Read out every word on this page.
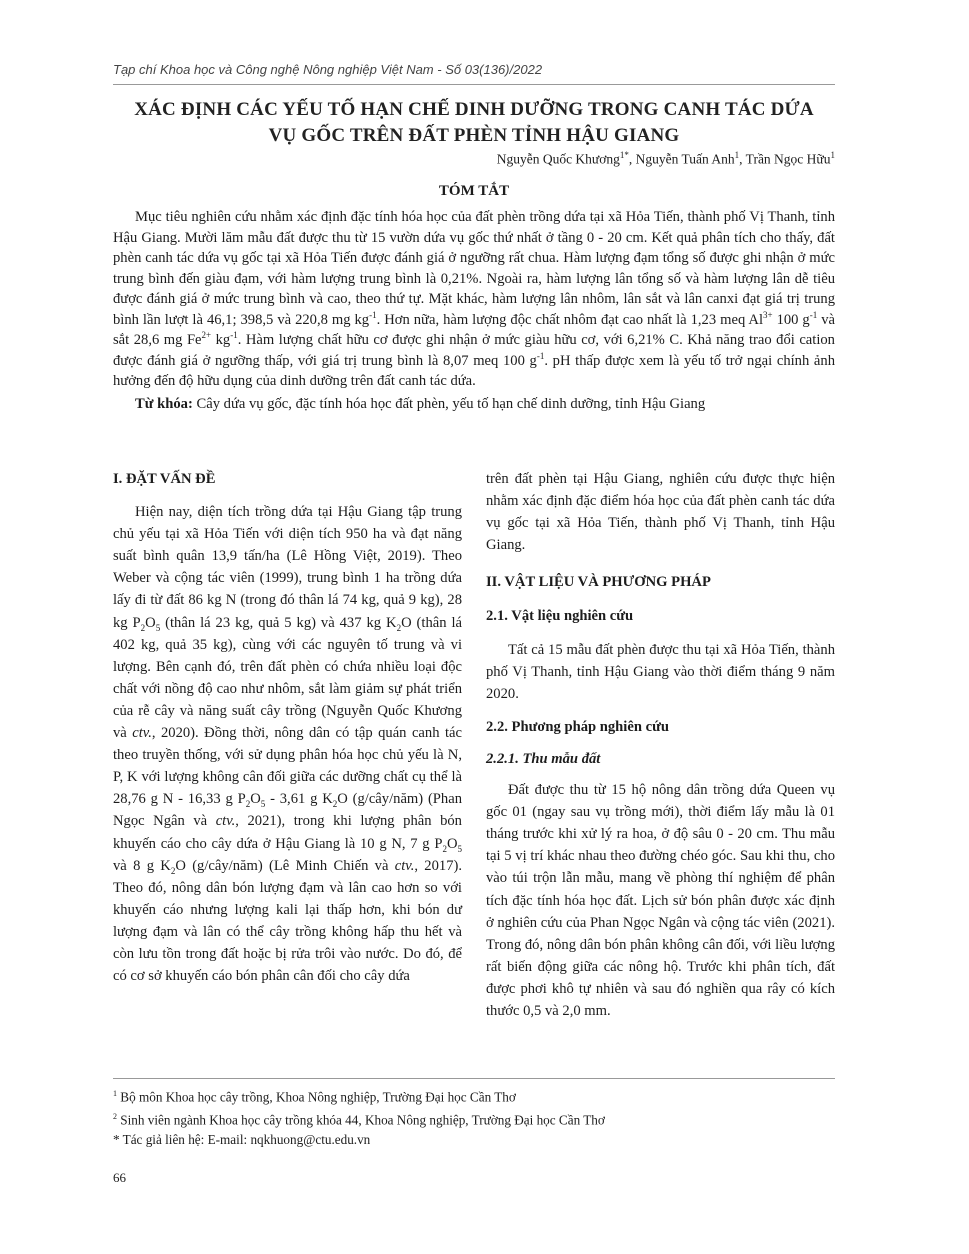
Tạp chí Khoa học và Công nghệ Nông nghiệp Việt Nam - Số 03(136)/2022
XÁC ĐỊNH CÁC YẾU TỐ HẠN CHẾ DINH DƯỠNG TRONG CANH TÁC DỨA
VỤ GỐC TRÊN ĐẤT PHÈN TỈNH HẬU GIANG
Nguyễn Quốc Khương$^{1*}$, Nguyễn Tuấn Anh$^1$, Trần Ngọc Hữu$^1$
TÓM TẮT

Mục tiêu nghiên cứu nhằm xác định đặc tính hóa học của đất phèn trồng dứa tại xã Hỏa Tiến, thành phố Vị Thanh, tỉnh Hậu Giang. Mười lăm mẫu đất được thu từ 15 vườn dứa vụ gốc thứ nhất ở tầng 0 - 20 cm. Kết quả phân tích cho thấy, đất phèn canh tác dứa vụ gốc tại xã Hỏa Tiến được đánh giá ở ngưỡng rất chua. Hàm lượng đạm tổng số được ghi nhận ở mức trung bình đến giàu đạm, với hàm lượng trung bình là 0,21%. Ngoài ra, hàm lượng lân tổng số và hàm lượng lân dễ tiêu được đánh giá ở mức trung bình và cao, theo thứ tự. Mặt khác, hàm lượng lân nhôm, lân sắt và lân canxi đạt giá trị trung bình lần lượt là 46,1; 398,5 và 220,8 mg $kg^{-1}$. Hơn nữa, hàm lượng độc chất nhôm đạt cao nhất là 1,23 meq $Al^{3+}$ 100 $g^{-1}$ và sắt 28,6 mg $Fe^{2+}$ $kg^{-1}$. Hàm lượng chất hữu cơ được ghi nhận ở mức giàu hữu cơ, với 6,21% C. Khả năng trao đổi cation được đánh giá ở ngưỡng thấp, với giá trị trung bình là 8,07 meq 100 $g^{-1}$. pH thấp được xem là yếu tố trở ngại chính ảnh hưởng đến độ hữu dụng của dinh dưỡng trên đất canh tác dứa.

Từ khóa: Cây dứa vụ gốc, đặc tính hóa học đất phèn, yếu tố hạn chế dinh dưỡng, tỉnh Hậu Giang

I. ĐẶT VẤN ĐỀ

Hiện nay, diện tích trồng dứa tại Hậu Giang tập trung chủ yếu tại xã Hỏa Tiến với diện tích 950 ha và đạt năng suất bình quân 13,9 tấn/ha (Lê Hồng Việt, 2019). Theo Weber và cộng tác viên (1999), trung bình 1 ha trồng dứa lấy đi từ đất 86 kg N (trong đó thân lá 74 kg, quả 9 kg), 28 kg $P_2O_5$ (thân lá 23 kg, quả 5 kg) và 437 kg $K_2O$ (thân lá 402 kg, quả 35 kg), cùng với các nguyên tố trung và vi lượng. Bên cạnh đó, trên đất phèn có chứa nhiều loại độc chất với nồng độ cao như nhôm, sắt làm giảm sự phát triển của rễ cây và năng suất cây trồng (Nguyễn Quốc Khương và ctv., 2020). Đồng thời, nông dân có tập quán canh tác theo truyền thống, với sử dụng phân hóa học chủ yếu là N, P, K với lượng không cân đối giữa các dưỡng chất cụ thể là 28,76 g N - 16,33 g $P_2O_5 - 3,61$ g $K_2O$ (g/cây/năm) (Phan Ngọc Ngân và ctv., 2021), trong khi lượng phân bón khuyến cáo cho cây dứa ở Hậu Giang là 10 g N, 7 g $P_2O_5$ và 8 g $K_2O$ (g/cây/năm) (Lê Minh Chiến và ctv., 2017). Theo đó, nông dân bón lượng đạm và lân cao hơn so với khuyến cáo nhưng lượng kali lại thấp hơn, khi bón dư lượng đạm và lân có thể cây trồng không hấp thu hết và còn lưu tồn trong đất hoặc bị rửa trôi vào nước. Do đó, để có cơ sở khuyến cáo bón phân cân đối cho cây dứa

trên đất phèn tại Hậu Giang, nghiên cứu được thực hiện nhằm xác định đặc điểm hóa học của đất phèn canh tác dứa vụ gốc tại xã Hỏa Tiến, thành phố Vị Thanh, tỉnh Hậu Giang.

II. VẬT LIỆU VÀ PHƯƠNG PHÁP

2.1. Vật liệu nghiên cứu

Tất cả 15 mẫu đất phèn được thu tại xã Hỏa Tiến, thành phố Vị Thanh, tỉnh Hậu Giang vào thời điểm tháng 9 năm 2020.

2.2. Phương pháp nghiên cứu

2.2.1. Thu mẫu đất

Đất được thu từ 15 hộ nông dân trồng dứa Queen vụ gốc 01 (ngay sau vụ trồng mới), thời điểm lấy mẫu là 01 tháng trước khi xử lý ra hoa, ở độ sâu 0 - 20 cm. Thu mẫu tại 5 vị trí khác nhau theo đường chéo góc. Sau khi thu, cho vào túi trộn lẫn mẫu, mang về phòng thí nghiệm để phân tích đặc tính hóa học đất. Lịch sử bón phân được xác định ở nghiên cứu của Phan Ngọc Ngân và cộng tác viên (2021). Trong đó, nông dân bón phân không cân đối, với liều lượng rất biến động giữa các nông hộ. Trước khi phân tích, đất được phơi khô tự nhiên và sau đó nghiền qua rây có kích thước 0,5 và 2,0 mm.

$^1$ Bộ môn Khoa học cây trồng, Khoa Nông nghiệp, Trường Đại học Cần Thơ

$^2$ Sinh viên ngành Khoa học cây trồng khóa 44, Khoa Nông nghiệp, Trường Đại học Cần Thơ

* Tác giả liên hệ: E-mail: nqkhuong@ctu.edu.vn

66
